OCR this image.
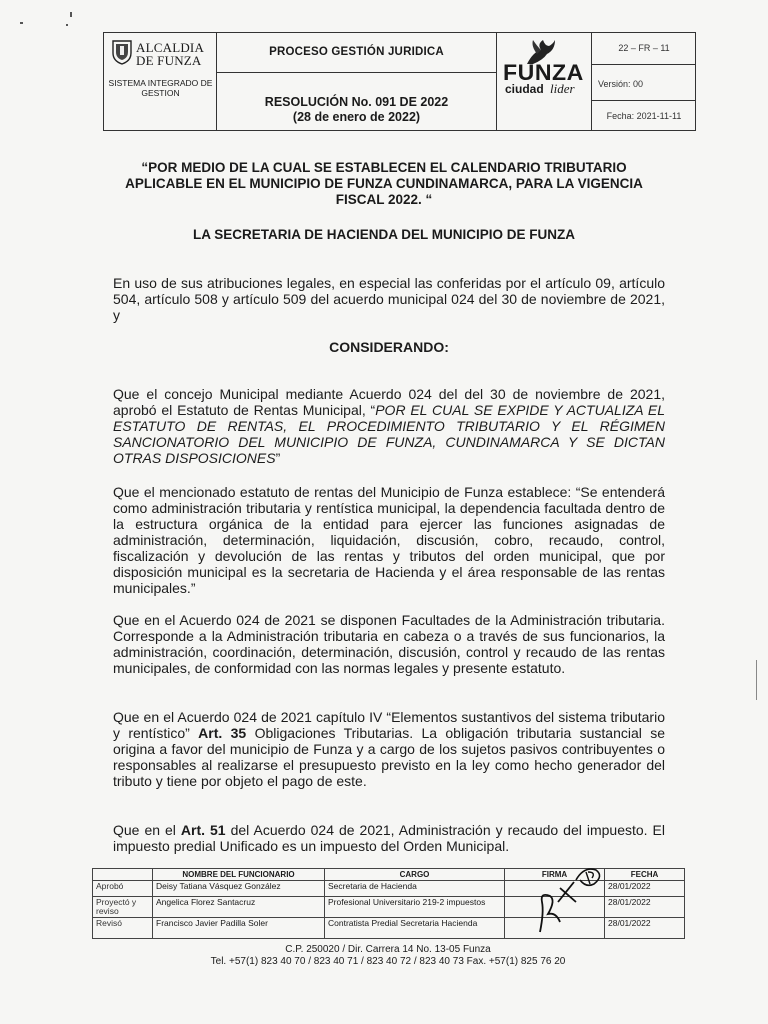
ALCALDIA
DE FUNZA
SISTEMA INTEGRADO DE GESTION
PROCESO GESTIÓN JURIDICA
RESOLUCIÓN No. 091 DE 2022
(28 de enero de 2022)
FUNZA
ciudad lider
22 – FR – 11
Versión: 00
Fecha: 2021-11-11
“POR MEDIO DE LA CUAL SE ESTABLECEN EL CALENDARIO TRIBUTARIO APLICABLE EN EL MUNICIPIO DE FUNZA CUNDINAMARCA, PARA LA VIGENCIA FISCAL 2022. “
LA SECRETARIA DE HACIENDA DEL MUNICIPIO DE FUNZA
En uso de sus atribuciones legales, en especial las conferidas por el artículo 09, artículo 504, artículo 508 y artículo 509 del acuerdo municipal 024 del 30 de noviembre de 2021, y
CONSIDERANDO:
Que el concejo Municipal mediante Acuerdo 024 del del 30 de noviembre de 2021, aprobó el Estatuto de Rentas Municipal, “POR EL CUAL SE EXPIDE Y ACTUALIZA EL ESTATUTO DE RENTAS, EL PROCEDIMIENTO TRIBUTARIO Y EL RÉGIMEN SANCIONATORIO DEL MUNICIPIO DE FUNZA, CUNDINAMARCA Y SE DICTAN OTRAS DISPOSICIONES”
Que el mencionado estatuto de rentas del Municipio de Funza establece: “Se entenderá como administración tributaria y rentística municipal, la dependencia facultada dentro de la estructura orgánica de la entidad para ejercer las funciones asignadas de administración, determinación, liquidación, discusión, cobro, recaudo, control, fiscalización y devolución de las rentas y tributos del orden municipal, que por disposición municipal es la secretaria de Hacienda y el área responsable de las rentas municipales.”
Que en el Acuerdo 024 de 2021 se disponen Facultades de la Administración tributaria. Corresponde a la Administración tributaria en cabeza o a través de sus funcionarios, la administración, coordinación, determinación, discusión, control y recaudo de las rentas municipales, de conformidad con las normas legales y presente estatuto.
Que en el Acuerdo 024 de 2021 capítulo IV “Elementos sustantivos del sistema tributario y rentístico” Art. 35 Obligaciones Tributarias. La obligación tributaria sustancial se origina a favor del municipio de Funza y a cargo de los sujetos pasivos contribuyentes o responsables al realizarse el presupuesto previsto en la ley como hecho generador del tributo y tiene por objeto el pago de este.
Que en el Art. 51 del Acuerdo 024 de 2021, Administración y recaudo del impuesto. El impuesto predial Unificado es un impuesto del Orden Municipal.
	NOMBRE DEL FUNCIONARIO	CARGO	FIRMA	FECHA
Aprobó	Deisy Tatiana Vásquez González	Secretaria de Hacienda		28/01/2022
Proyectó y reviso	Angelica Florez Santacruz	Profesional Universitario 219-2 impuestos		28/01/2022
Revisó	Francisco Javier Padilla Soler	Contratista Predial Secretaria Hacienda		28/01/2022
C.P. 250020 / Dir. Carrera 14 No. 13-05 Funza
Tel. +57(1) 823 40 70 / 823 40 71 / 823 40 72 / 823 40 73 Fax. +57(1) 825 76 20
